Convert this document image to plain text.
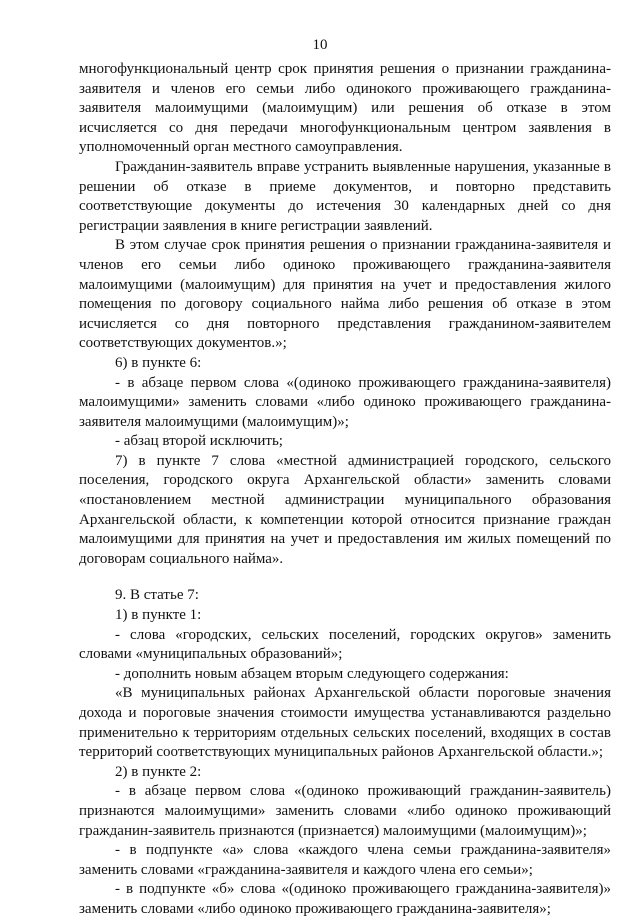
10

многофункциональный центр срок принятия решения о признании гражданина-заявителя и членов его семьи либо одинокого проживающего гражданина-заявителя малоимущими (малоимущим) или решения об отказе в этом исчисляется со дня передачи многофункциональным центром заявления в уполномоченный орган местного самоуправления.

Гражданин-заявитель вправе устранить выявленные нарушения, указанные в решении об отказе в приеме документов, и повторно представить соответствующие документы до истечения 30 календарных дней со дня регистрации заявления в книге регистрации заявлений.

В этом случае срок принятия решения о признании гражданина-заявителя и членов его семьи либо одиноко проживающего гражданина-заявителя малоимущими (малоимущим) для принятия на учет и предоставления жилого помещения по договору социального найма либо решения об отказе в этом исчисляется со дня повторного представления гражданином-заявителем соответствующих документов.»;

6) в пункте 6:

- в абзаце первом слова «(одиноко проживающего гражданина-заявителя) малоимущими» заменить словами «либо одиноко проживающего гражданина-заявителя малоимущими (малоимущим)»;

- абзац второй исключить;

7) в пункте 7 слова «местной администрацией городского, сельского поселения, городского округа Архангельской области» заменить словами «постановлением местной администрации муниципального образования Архангельской области, к компетенции которой относится признание граждан малоимущими для принятия на учет и предоставления им жилых помещений по договорам социального найма».

9. В статье 7:

1) в пункте 1:

- слова «городских, сельских поселений, городских округов» заменить словами «муниципальных образований»;

- дополнить новым абзацем вторым следующего содержания:

«В муниципальных районах Архангельской области пороговые значения дохода и пороговые значения стоимости имущества устанавливаются раздельно применительно к территориям отдельных сельских поселений, входящих в состав территорий соответствующих муниципальных районов Архангельской области.»;

2) в пункте 2:

- в абзаце первом слова «(одиноко проживающий гражданин-заявитель) признаются малоимущими» заменить словами «либо одиноко проживающий гражданин-заявитель признаются (признается) малоимущими (малоимущим)»;

- в подпункте «а» слова «каждого члена семьи гражданина-заявителя» заменить словами «гражданина-заявителя и каждого члена его семьи»;

- в подпункте «б» слова «(одиноко проживающего гражданина-заявителя)» заменить словами «либо одиноко проживающего гражданина-заявителя»;
